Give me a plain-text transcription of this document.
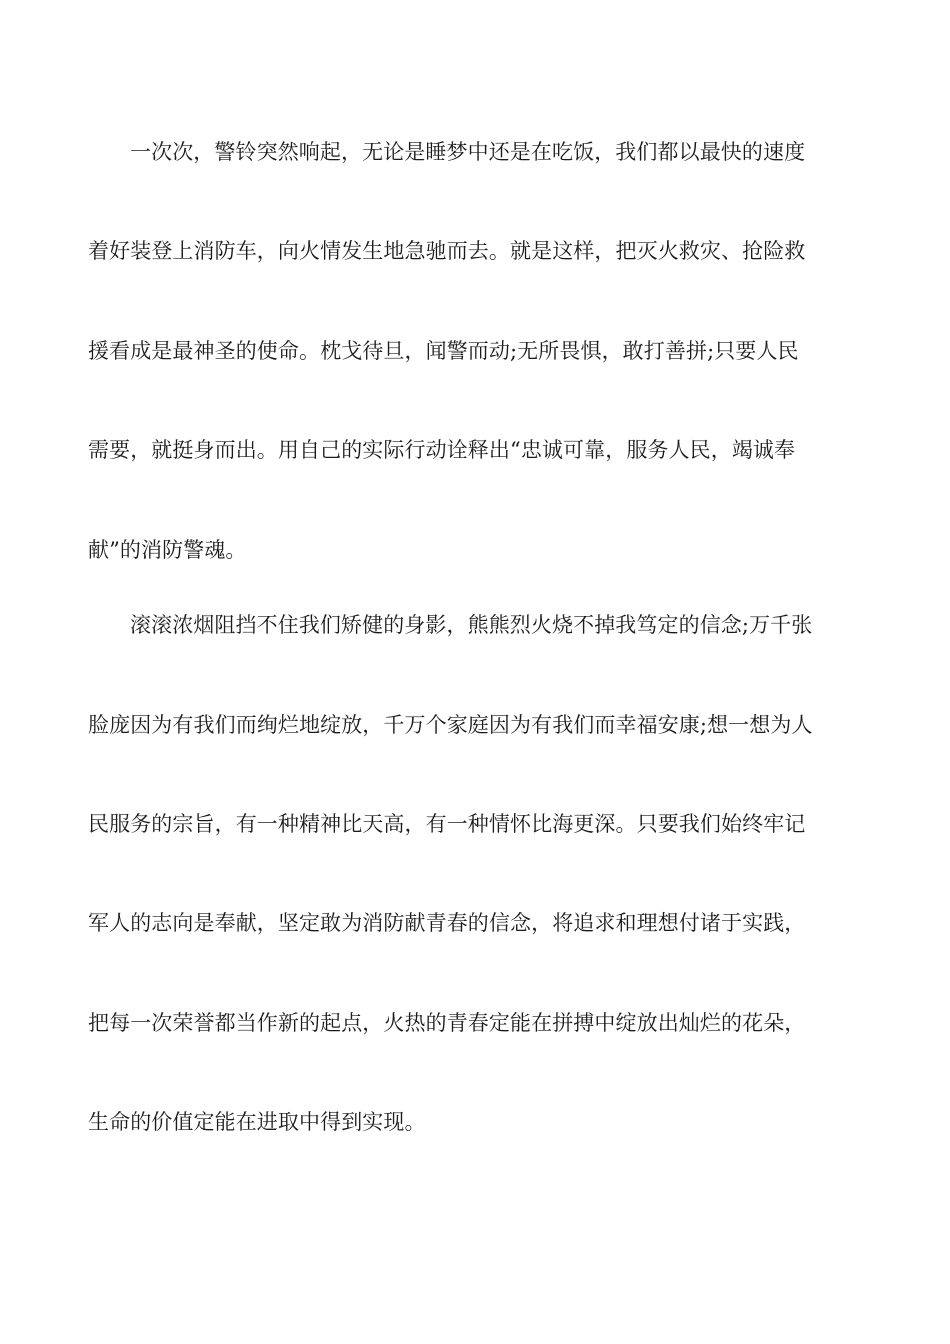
一次次，警铃突然响起，无论是睡梦中还是在吃饭，我们都以最快的速度
着好装登上消防车，向火情发生地急驰而去。就是这样，把灭火救灾、抢险救
援看成是最神圣的使命。枕戈待旦，闻警而动;无所畏惧，敢打善拼;只要人民
需要，就挺身而出。用自己的实际行动诠释出“忠诚可靠，服务人民，竭诚奉
献”的消防警魂。
滚滚浓烟阻挡不住我们矫健的身影，熊熊烈火烧不掉我笃定的信念;万千张
脸庞因为有我们而绚烂地绽放，千万个家庭因为有我们而幸福安康;想一想为人
民服务的宗旨，有一种精神比天高，有一种情怀比海更深。只要我们始终牢记
军人的志向是奉献，坚定敢为消防献青春的信念，将追求和理想付诸于实践，
把每一次荣誉都当作新的起点，火热的青春定能在拼搏中绽放出灿烂的花朵，
生命的价值定能在进取中得到实现。
